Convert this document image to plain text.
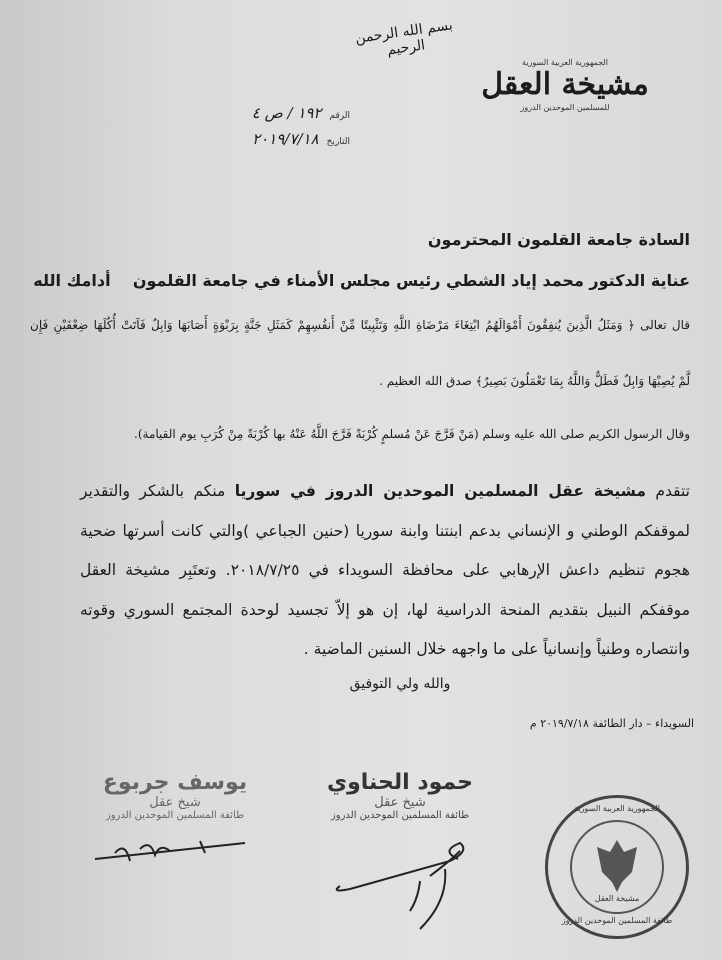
بسم الله الرحمن الرحيم
الجمهورية العربية السورية
مشيخة العقل
للمسلمين الموحدين الدروز
الرقم
١٩٢ / ص ٤
التاريخ
٢٠١٩/٧/١٨
السادة جامعة القلمون المحترمون
عناية الدكتور محمد إياد الشطي رئيس مجلس الأمناء في جامعة القلمون    أدامك الله
قال تعالى ﴿ وَمَثَلُ الَّذِينَ يُنفِقُونَ أَمْوَالَهُمُ ابْتِغَاءَ مَرْضَاةِ اللَّهِ وَتَثْبِيتًا مِّنْ أَنفُسِهِمْ كَمَثَلِ جَنَّةٍ بِرَبْوَةٍ أَصَابَهَا وَابِلٌ فَآتَتْ أُكُلَهَا ضِعْفَيْنِ فَإِن
لَّمْ يُصِبْهَا وَابِلٌ فَطَلٌّ وَاللَّهُ بِمَا تَعْمَلُونَ بَصِيرٌ﴾ صدق الله العظيم .
وقال الرسول الكريم صلى الله عليه وسلم (مَنْ فَرَّجَ عَنْ مُسلمٍ كُرْبَةً فَرَّجَ اللَّهُ عَنْهُ بها كُرْبَةً مِنْ كُرَبِ يوم القيامة).
تتقدم مشيخة عقل المسلمين الموحدين الدروز في سوريا منكم بالشكر والتقدير لموقفكم الوطني و الإنساني بدعم ابنتنا وابنة سوريا (حنين الجباعي )والتي كانت أسرتها ضحية هجوم تنظيم داعش الإرهابي على محافظة السويداء في ٢٠١٨/٧/٢٥. وتعتَبِر مشيخة العقل موقفكم النبيل بتقديم المنحة الدراسية لها، إن هو إلاّ تجسيد لوحدة المجتمع السوري وقوته وانتصاره وطنياً وإنسانياً على ما واجهه خلال السنين الماضية .
والله ولي التوفيق
السويداء – دار الطائفة ٢٠١٩/٧/١٨ م
حمود الحناوي
شيخ عقل
طائفة المسلمين الموحدين الدروز
يوسف جربوع
شيخ عقل
طائفة المسلمين الموحدين الدروز
الجمهورية العربية السورية
مشيخة العقل
طائفة المسلمين الموحدين الدروز
